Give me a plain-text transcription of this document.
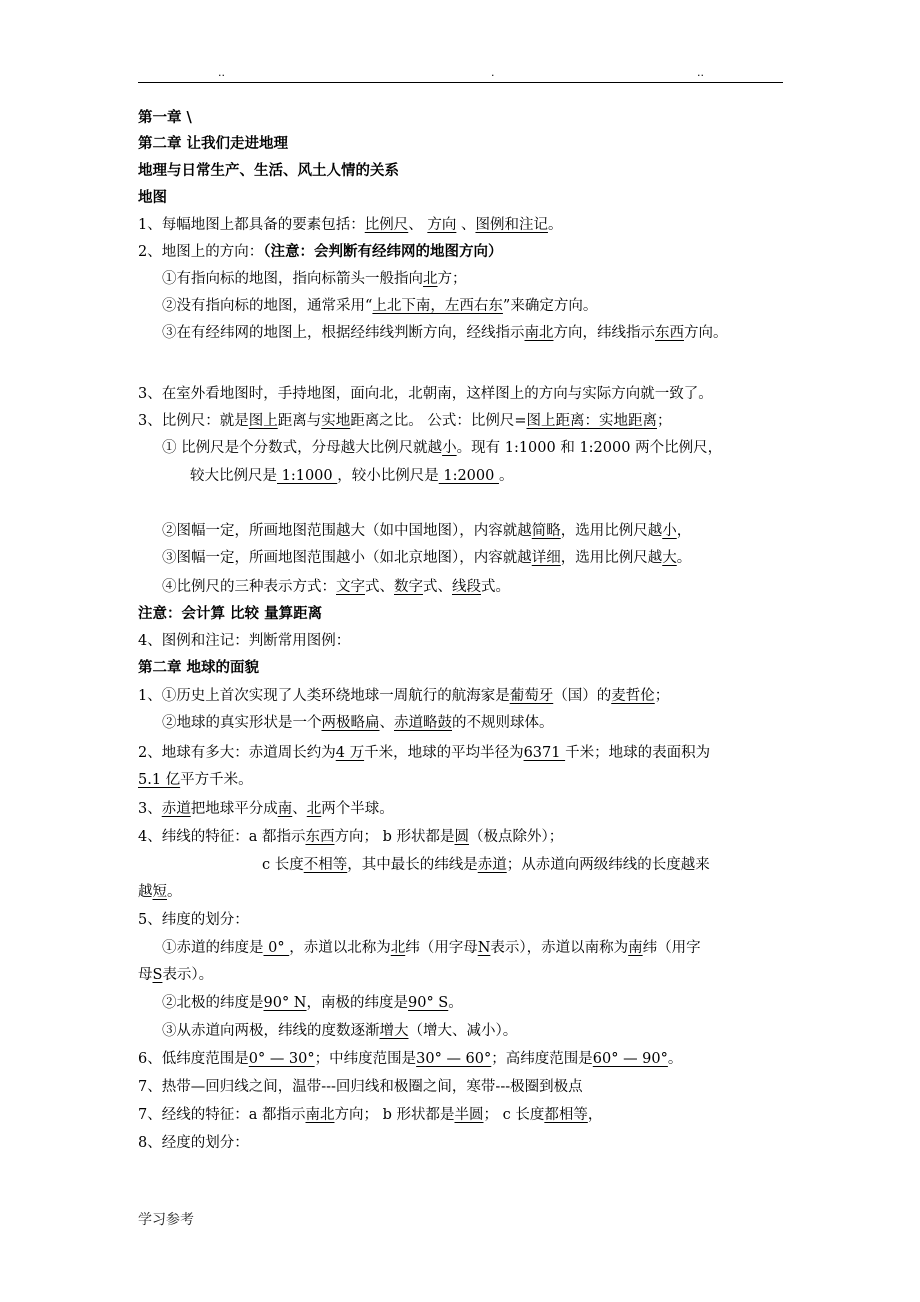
..	.	..
第一章 \
第二章 让我们走进地理
地理与日常生产、生活、风土人情的关系
地图
1、每幅地图上都具备的要素包括：比例尺、 方向 、图例和注记。
2、地图上的方向：（注意：会判断有经纬网的地图方向）
①有指向标的地图，指向标箭头一般指向北方；
②没有指向标的地图，通常采用“上北下南，左西右东”来确定方向。
③在有经纬网的地图上，根据经纬线判断方向，经线指示南北方向，纬线指示东西方向。
3、在室外看地图时，手持地图，面向北，北朝南，这样图上的方向与实际方向就一致了。
3、比例尺：就是图上距离与实地距离之比。 公式：比例尺=图上距离：实地距离；
① 比例尺是个分数式，分母越大比例尺就越小。现有 1:1000 和 1:2000 两个比例尺，
较大比例尺是 1:1000 ，较小比例尺是 1:2000 。
②图幅一定，所画地图范围越大（如中国地图），内容就越简略，选用比例尺越小，
③图幅一定，所画地图范围越小（如北京地图），内容就越详细，选用比例尺越大。
④比例尺的三种表示方式：文字式、数字式、线段式。
注意：会计算 比较 量算距离
4、图例和注记：判断常用图例：
第二章 地球的面貌
1、①历史上首次实现了人类环绕地球一周航行的航海家是葡萄牙（国）的麦哲伦；
②地球的真实形状是一个两极略扁、赤道略鼓的不规则球体。
2、地球有多大：赤道周长约为4 万千米，地球的平均半径为6371 千米；地球的表面积为
5.1 亿平方千米。
3、赤道把地球平分成南、北两个半球。
4、纬线的特征：a 都指示东西方向； b 形状都是圆（极点除外）；
c 长度不相等，其中最长的纬线是赤道；从赤道向两级纬线的长度越来
越短。
5、纬度的划分：
①赤道的纬度是 0° ，赤道以北称为北纬（用字母N表示），赤道以南称为南纬（用字
母S表示）。
②北极的纬度是90° N，南极的纬度是90° S。
③从赤道向两极，纬线的度数逐渐增大（增大、减小）。
6、低纬度范围是0° — 30°；中纬度范围是30° — 60°；高纬度范围是60° — 90°。
7、热带—回归线之间，温带---回归线和极圈之间，寒带---极圈到极点
7、经线的特征：a 都指示南北方向； b 形状都是半圆； c 长度都相等，
8、经度的划分：
学习参考
